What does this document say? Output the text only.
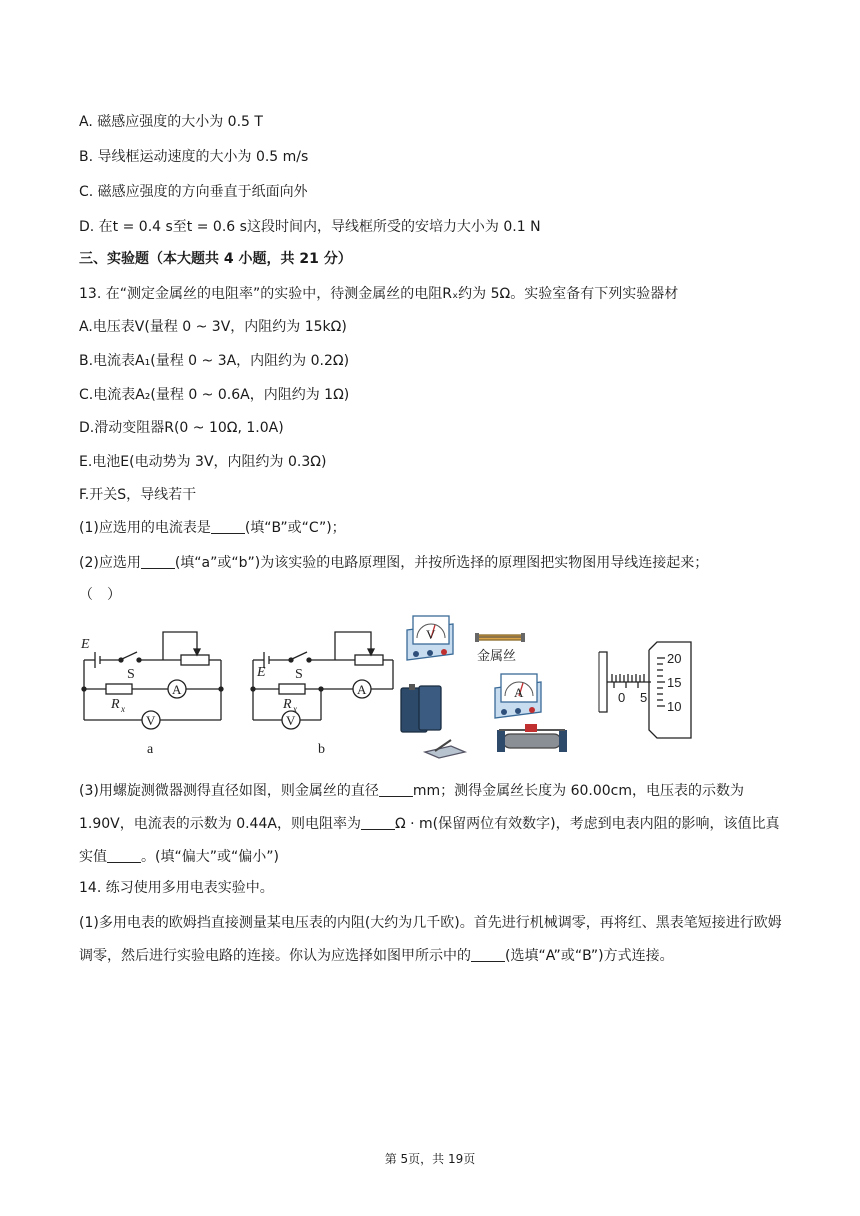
A. 磁感应强度的大小为 0.5 T
B. 导线框运动速度的大小为 0.5 m/s
C. 磁感应强度的方向垂直于纸面向外
D. 在t = 0.4 s至t = 0.6 s这段时间内，导线框所受的安培力大小为 0.1 N
三、实验题（本大题共 4 小题，共 21 分）
13. 在“测定金属丝的电阻率”的实验中，待测金属丝的电阻Rₓ约为 5Ω。实验室备有下列实验器材
A.电压表V(量程 0 ~ 3V，内阻约为 15kΩ)
B.电流表A₁(量程 0 ~ 3A，内阻约为 0.2Ω)
C.电流表A₂(量程 0 ~ 0.6A，内阻约为 1Ω)
D.滑动变阻器R(0 ~ 10Ω, 1.0A)
E.电池E(电动势为 3V，内阻约为 0.3Ω)
F.开关S，导线若干
(1)应选用的电流表是 (填“B”或“C”)；
(2)应选用 (填“a”或“b”)为该实验的电路原理图，并按所选择的原理图把实物图用导线连接起来；
（　）
E
S
R x
A
V
a
E S
R x
A
V
b
V
A
金属丝	20
15
10
0 5
(3)用螺旋测微器测得直径如图，则金属丝的直径 mm；测得金属丝长度为 60.00cm，电压表的示数为1.90V，电流表的示数为 0.44A，则电阻率为 Ω · m(保留两位有效数字)，考虑到电表内阻的影响，该值比真实值 。(填“偏大”或“偏小”)
14. 练习使用多用电表实验中。
(1)多用电表的欧姆挡直接测量某电压表的内阻(大约为几千欧)。首先进行机械调零，再将红、黑表笔短接进行欧姆调零，然后进行实验电路的连接。你认为应选择如图甲所示中的 (选填“A”或“B”)方式连接。
第 5页，共 19页
